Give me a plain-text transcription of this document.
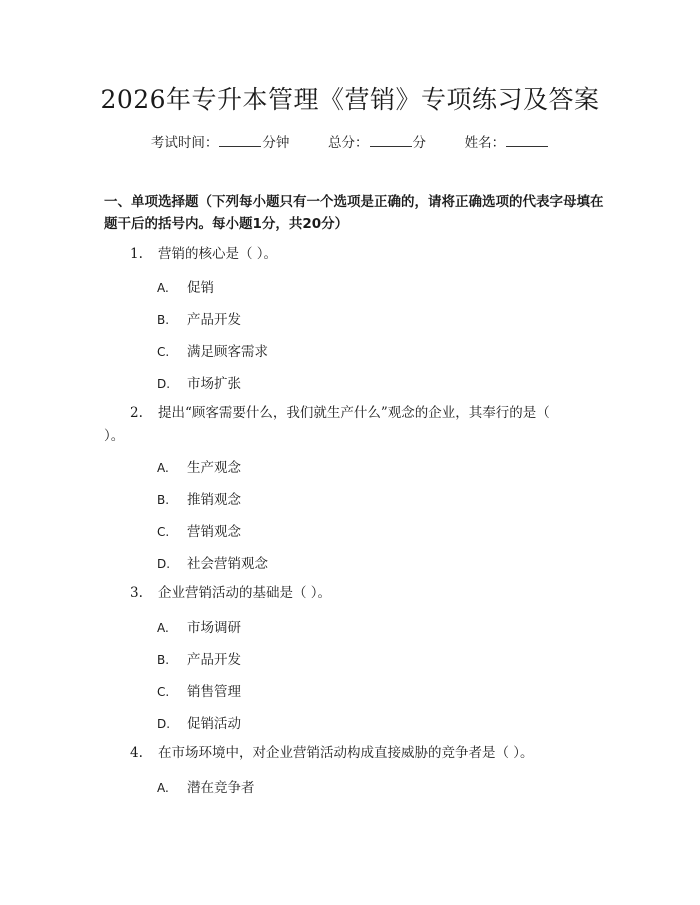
2026年专升本管理《营销》专项练习及答案
考试时间：	分钟	总分：	分	姓名：
一、单项选择题（下列每小题只有一个选项是正确的，请将正确选项的代表字母填在题干后的括号内。每小题1分，共20分）
1. 营销的核心是（ ）。
A. 促销
B. 产品开发
C. 满足顾客需求
D. 市场扩张
2. 提出“顾客需要什么，我们就生产什么”观念的企业，其奉行的是（ ）。
A. 生产观念
B. 推销观念
C. 营销观念
D. 社会营销观念
3. 企业营销活动的基础是（ ）。
A. 市场调研
B. 产品开发
C. 销售管理
D. 促销活动
4. 在市场环境中，对企业营销活动构成直接威胁的竞争者是（ ）。
A. 潜在竞争者
